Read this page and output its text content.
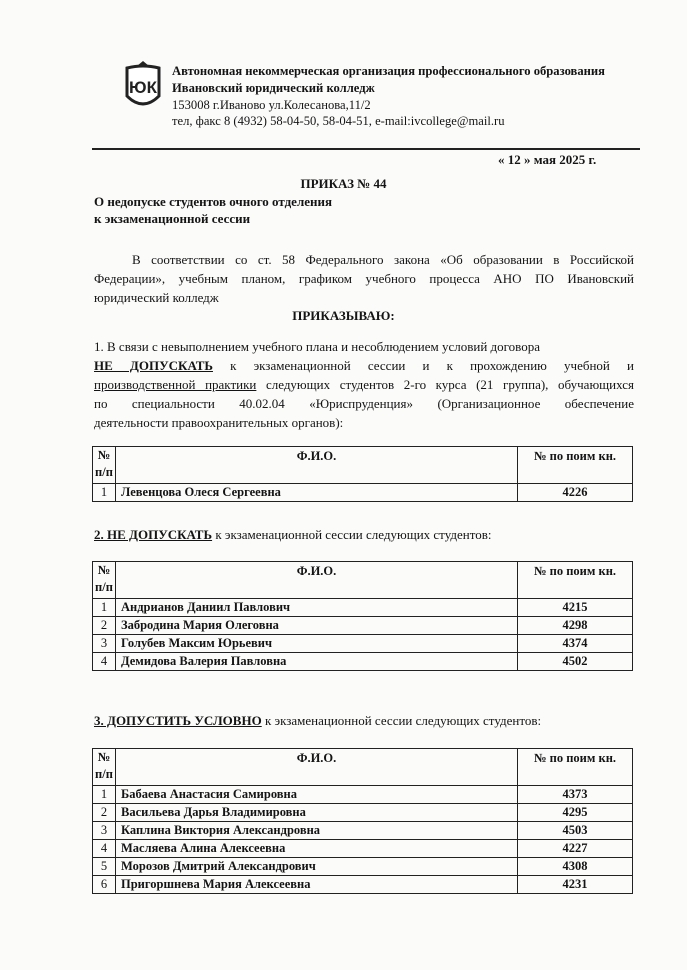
ЮК
Автономная некоммерческая организация профессионального образования
Ивановский юридический колледж
153008 г.Иваново ул.Колесанова,11/2
тел, факс 8 (4932) 58-04-50, 58-04-51, e-mail:ivcollege@mail.ru
« 12 » мая 2025 г.
ПРИКАЗ № 44
О недопуске студентов очного отделения
к экзаменационной сессии
В соответствии со ст. 58 Федерального закона «Об образовании в Российской
Федерации», учебным планом, графиком учебного процесса АНО ПО Ивановский
юридический колледж
ПРИКАЗЫВАЮ:
1. В связи с невыполнением учебного плана и несоблюдением условий договора
НЕ ДОПУСКАТЬ к экзаменационной сессии и к прохождению учебной и
производственной практики следующих студентов 2-го курса (21 группа), обучающихся
по специальности 40.02.04 «Юриспруденция» (Организационное обеспечение
деятельности правоохранительных органов):
№
п/п	Ф.И.О.	№ по поим кн.
1	Левенцова Олеся Сергеевна	4226
2. НЕ ДОПУСКАТЬ к экзаменационной сессии следующих студентов:
№
п/п	Ф.И.О.	№ по поим кн.
1	Андрианов Даниил Павлович	4215
2	Забродина Мария Олеговна	4298
3	Голубев Максим Юрьевич	4374
4	Демидова Валерия Павловна	4502
3. ДОПУСТИТЬ УСЛОВНО к экзаменационной сессии следующих студентов:
№
п/п	Ф.И.О.	№ по поим кн.
1	Бабаева Анастасия Самировна	4373
2	Васильева Дарья Владимировна	4295
3	Каплина Виктория Александровна	4503
4	Масляева Алина Алексеевна	4227
5	Морозов Дмитрий Александрович	4308
6	Пригоршнева Мария Алексеевна	4231
